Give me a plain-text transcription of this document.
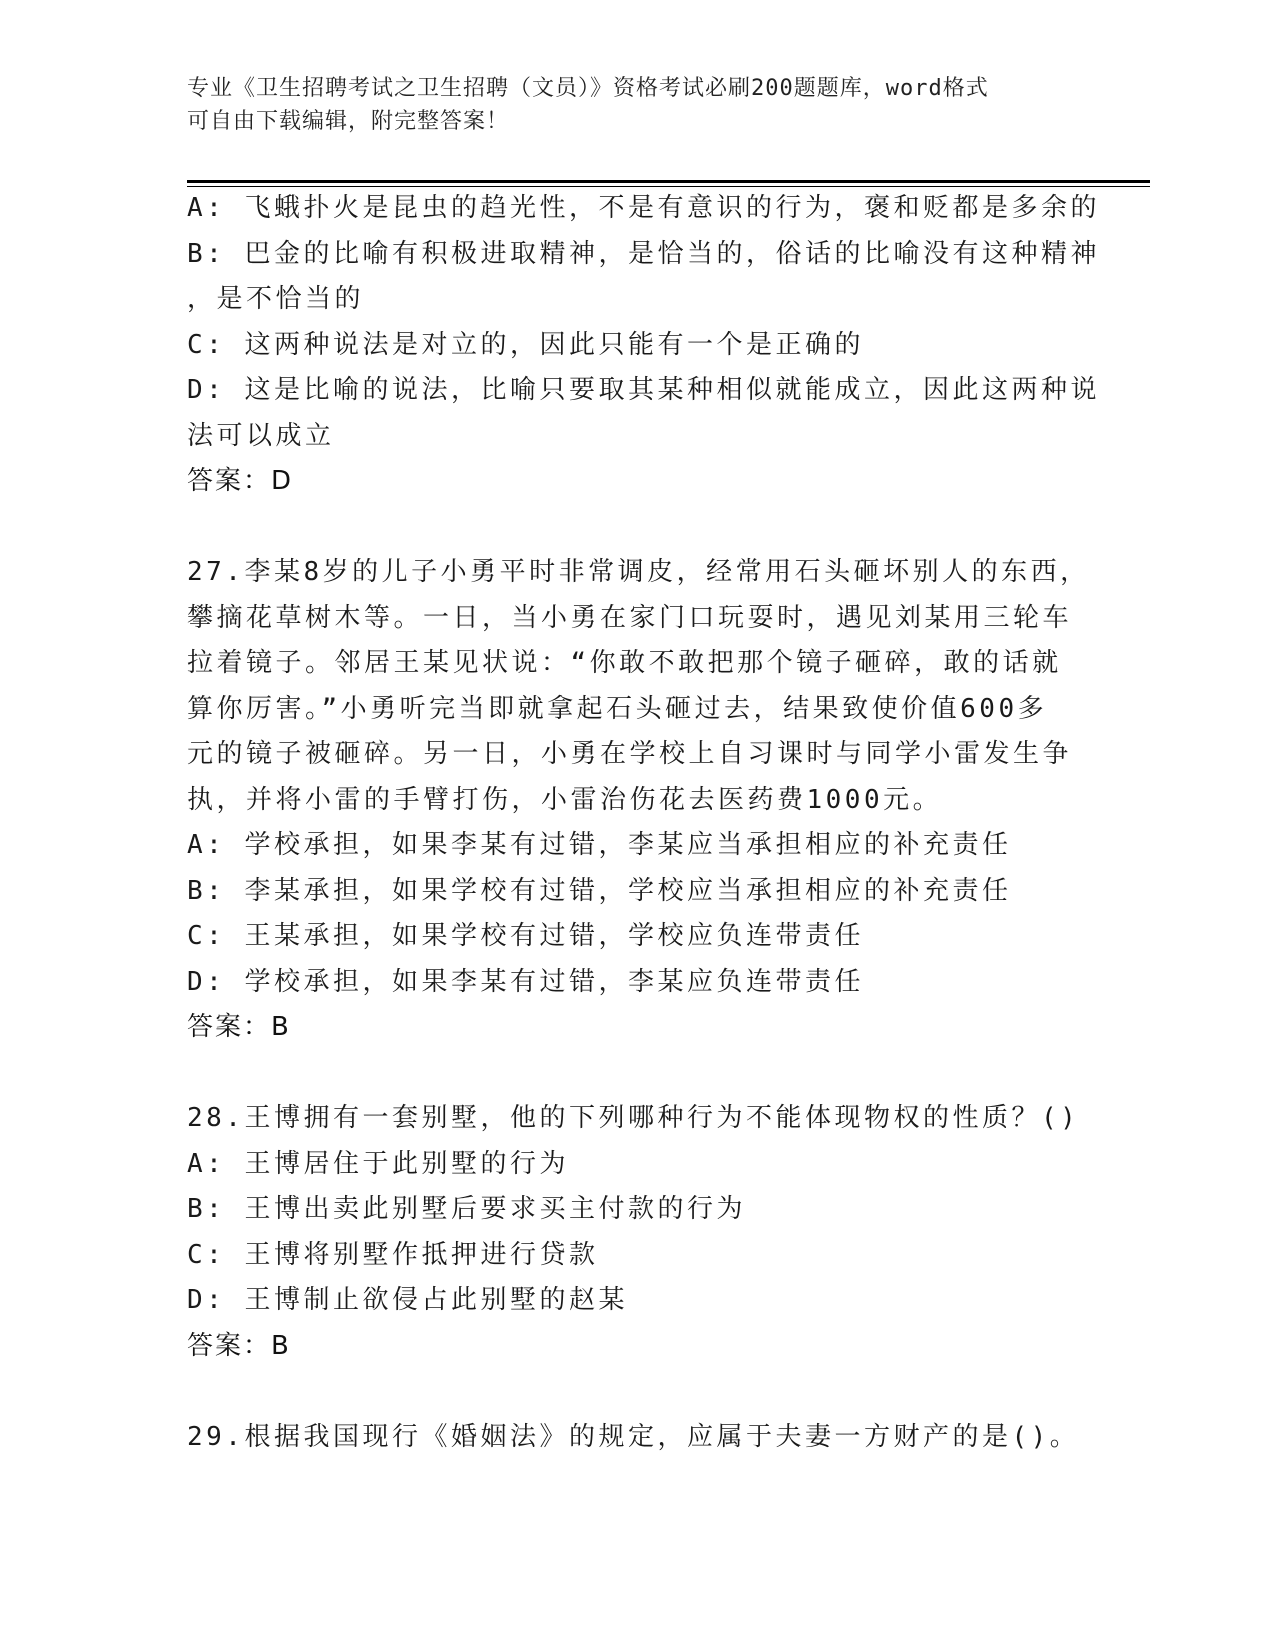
专业《卫生招聘考试之卫生招聘（文员）》资格考试必刷200题题库，word格式
可自由下载编辑，附完整答案！
A: 飞蛾扑火是昆虫的趋光性，不是有意识的行为，褒和贬都是多余的
B: 巴金的比喻有积极进取精神，是恰当的，俗话的比喻没有这种精神
，是不恰当的
C: 这两种说法是对立的，因此只能有一个是正确的
D: 这是比喻的说法，比喻只要取其某种相似就能成立，因此这两种说
法可以成立
答案：D
27.李某8岁的儿子小勇平时非常调皮，经常用石头砸坏别人的东西，
攀摘花草树木等。一日，当小勇在家门口玩耍时，遇见刘某用三轮车
拉着镜子。邻居王某见状说：“你敢不敢把那个镜子砸碎，敢的话就
算你厉害。”小勇听完当即就拿起石头砸过去，结果致使价值600多
元的镜子被砸碎。另一日，小勇在学校上自习课时与同学小雷发生争
执，并将小雷的手臂打伤，小雷治伤花去医药费1000元。
A: 学校承担，如果李某有过错，李某应当承担相应的补充责任
B: 李某承担，如果学校有过错，学校应当承担相应的补充责任
C: 王某承担，如果学校有过错，学校应负连带责任
D: 学校承担，如果李某有过错，李某应负连带责任
答案：B
28.王博拥有一套别墅，他的下列哪种行为不能体现物权的性质？()
A: 王博居住于此别墅的行为
B: 王博出卖此别墅后要求买主付款的行为
C: 王博将别墅作抵押进行贷款
D: 王博制止欲侵占此别墅的赵某
答案：B
29.根据我国现行《婚姻法》的规定，应属于夫妻一方财产的是()。
